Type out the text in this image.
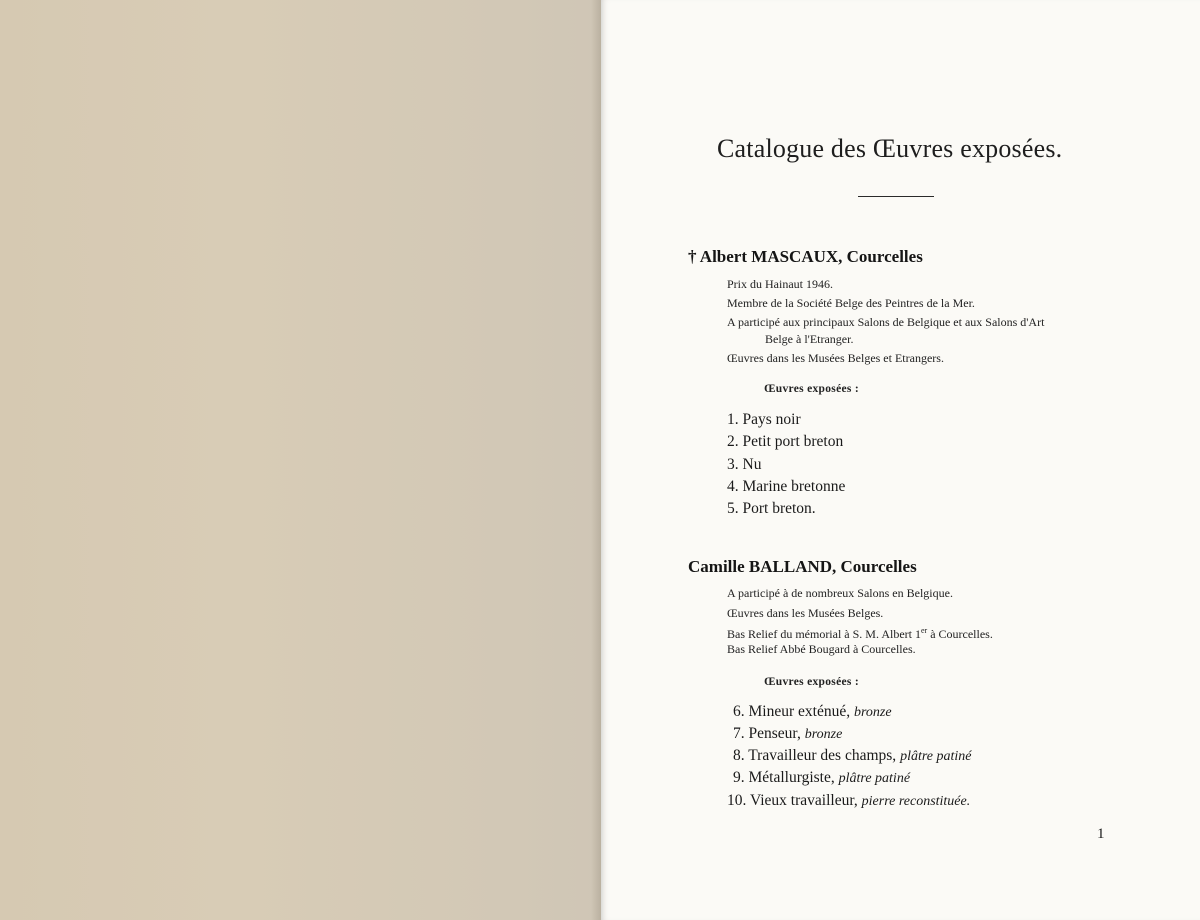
Catalogue des Œuvres exposées.
† Albert MASCAUX, Courcelles
Prix du Hainaut 1946.
Membre de la Société Belge des Peintres de la Mer.
A participé aux principaux Salons de Belgique et aux Salons d'Art
Belge à l'Etranger.
Œuvres dans les Musées Belges et Etrangers.
Œuvres exposées :
1. Pays noir
2. Petit port breton
3. Nu
4. Marine bretonne
5. Port breton.
Camille BALLAND, Courcelles
A participé à de nombreux Salons en Belgique.
Œuvres dans les Musées Belges.
Bas Relief du mémorial à S. M. Albert 1er à Courcelles.
Bas Relief Abbé Bougard à Courcelles.
Œuvres exposées :
6. Mineur exténué, bronze
7. Penseur, bronze
8. Travailleur des champs, plâtre patiné
9. Métallurgiste, plâtre patiné
10. Vieux travailleur, pierre reconstituée.
1
